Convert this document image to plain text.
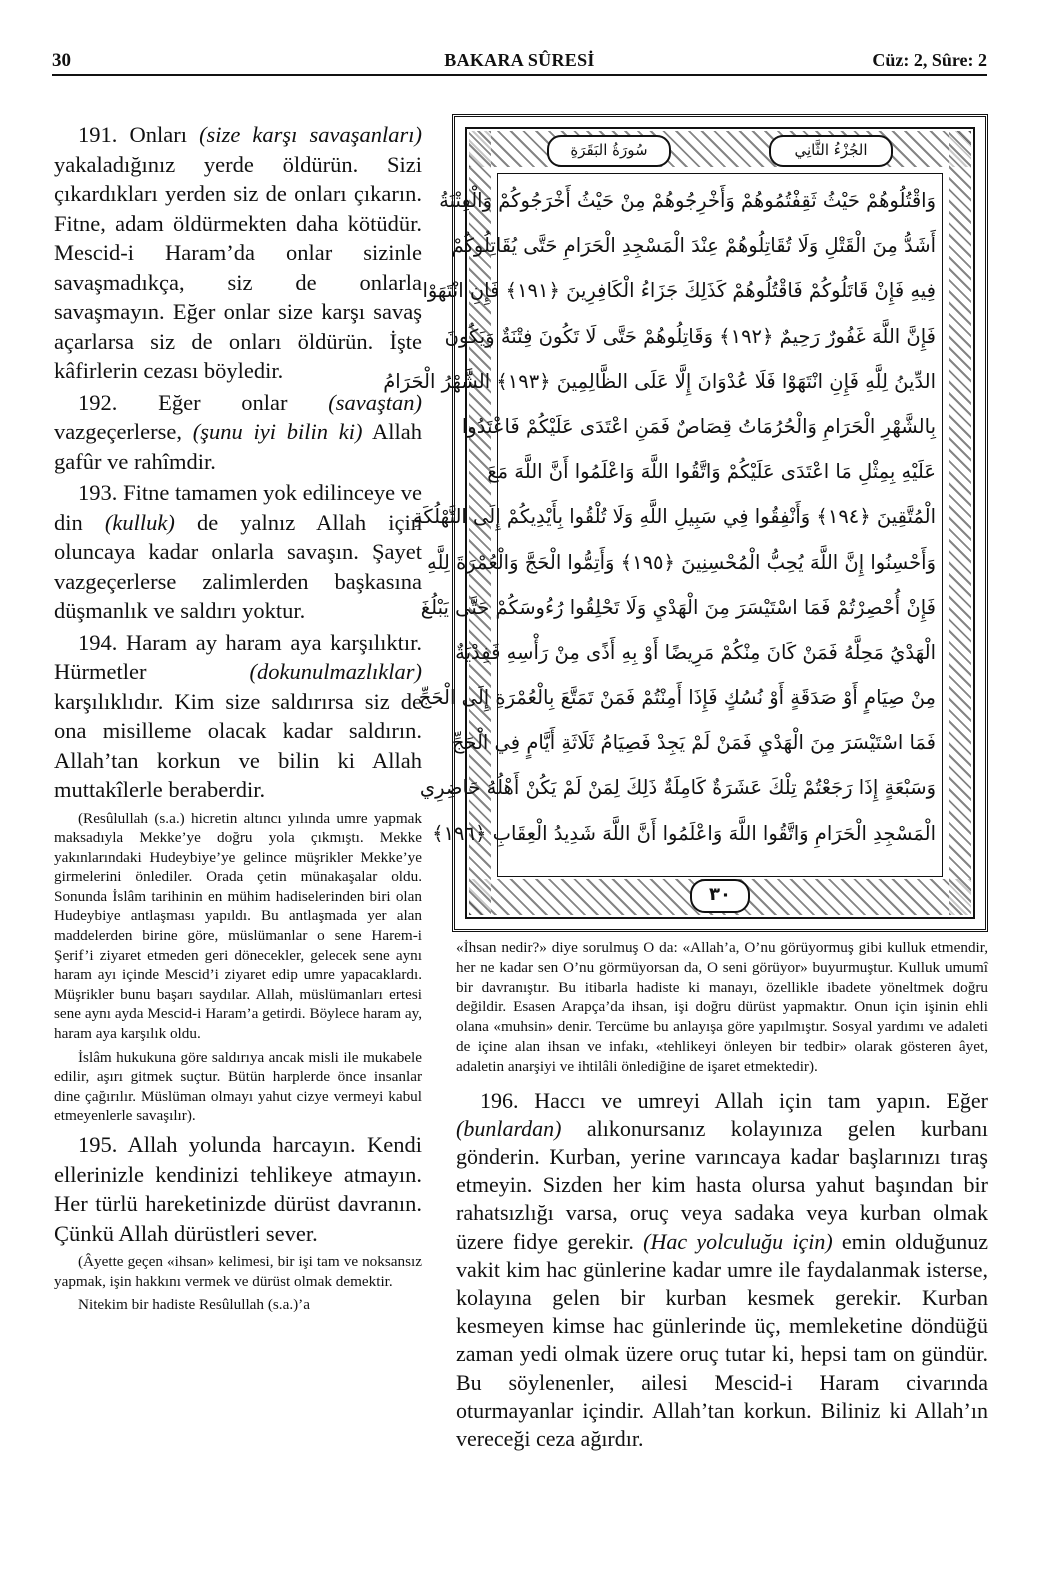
30	BAKARA SÛRESİ	Cüz: 2, Sûre: 2

191. Onları (size karşı savaşanları) yakaladığınız yerde öldürün. Sizi çıkardıkları yerden siz de onları çıkarın. Fitne, adam öldürmekten daha kötüdür. Mescid-i Haram’da onlar sizinle savaşmadıkça, siz de onlarla savaşmayın. Eğer onlar size karşı savaş açarlarsa siz de onları öldürün. İşte kâfirlerin cezası böyledir.

192. Eğer onlar (savaştan) vazgeçerlerse, (şunu iyi bilin ki) Allah gafûr ve rahîmdir.

193. Fitne tamamen yok edilinceye ve din (kulluk) de yalnız Allah için oluncaya kadar onlarla savaşın. Şayet vazgeçerlerse zalimlerden başkasına düşmanlık ve saldırı yoktur.

194. Haram ay haram aya karşılıktır. Hürmetler (dokunulmazlıklar) karşılıklıdır. Kim size saldırırsa siz de ona misilleme olacak kadar saldırın. Allah’tan korkun ve bilin ki Allah muttakîlerle beraberdir.

(Resûlullah (s.a.) hicretin altıncı yılında umre yapmak maksadıyla Mekke’ye doğru yola çıkmıştı. Mekke yakınlarındaki Hudeybiye’ye gelince müşrikler Mekke’ye girmelerini önlediler. Orada çetin münakaşalar oldu. Sonunda İslâm tarihinin en mühim hadiselerinden biri olan Hudeybiye antlaşması yapıldı. Bu antlaşmada yer alan maddelerden birine göre, müslümanlar o sene Harem-i Şerif’i ziyaret etmeden geri dönecekler, gelecek sene aynı haram ayı içinde Mescid’i ziyaret edip umre yapacaklardı. Müşrikler bunu başarı saydılar. Allah, müslümanları ertesi sene aynı ayda Mescid-i Haram’a getirdi. Böylece haram ay, haram aya karşılık oldu.

İslâm hukukuna göre saldırıya ancak misli ile mukabele edilir, aşırı gitmek suçtur. Bütün harplerde önce insanlar dine çağırılır. Müslüman olmayı yahut cizye vermeyi kabul etmeyenlerle savaşılır).

195. Allah yolunda harcayın. Kendi ellerinizle kendinizi tehlikeye atmayın. Her türlü hareketinizde dürüst davranın. Çünkü Allah dürüstleri sever.

(Âyette geçen «ihsan» kelimesi, bir işi tam ve noksansız yapmak, işin hakkını vermek ve dürüst olmak demektir.

Nitekim bir hadiste Resûlullah (s.a.)’a

سُورَةُ البَقَرَةِ	الجُزْءُ الثَّانِي
وَاقْتُلُوهُمْ حَيْثُ ثَقِفْتُمُوهُمْ وَأَخْرِجُوهُمْ مِنْ حَيْثُ أَخْرَجُوكُمْ وَالْفِتْنَةُ
أَشَدُّ مِنَ الْقَتْلِ وَلَا تُقَاتِلُوهُمْ عِنْدَ الْمَسْجِدِ الْحَرَامِ حَتَّى يُقَاتِلُوكُمْ
فِيهِ فَإِنْ قَاتَلُوكُمْ فَاقْتُلُوهُمْ كَذَلِكَ جَزَاءُ الْكَافِرِينَ ﴿١٩١﴾ فَإِنِ انْتَهَوْا
فَإِنَّ اللَّهَ غَفُورٌ رَحِيمٌ ﴿١٩٢﴾ وَقَاتِلُوهُمْ حَتَّى لَا تَكُونَ فِتْنَةٌ وَيَكُونَ
الدِّينُ لِلَّهِ فَإِنِ انْتَهَوْا فَلَا عُدْوَانَ إِلَّا عَلَى الظَّالِمِينَ ﴿١٩٣﴾ الشَّهْرُ الْحَرَامُ
بِالشَّهْرِ الْحَرَامِ وَالْحُرُمَاتُ قِصَاصٌ فَمَنِ اعْتَدَى عَلَيْكُمْ فَاعْتَدُوا
عَلَيْهِ بِمِثْلِ مَا اعْتَدَى عَلَيْكُمْ وَاتَّقُوا اللَّهَ وَاعْلَمُوا أَنَّ اللَّهَ مَعَ
الْمُتَّقِينَ ﴿١٩٤﴾ وَأَنْفِقُوا فِي سَبِيلِ اللَّهِ وَلَا تُلْقُوا بِأَيْدِيكُمْ إِلَى التَّهْلُكَةِ
وَأَحْسِنُوا إِنَّ اللَّهَ يُحِبُّ الْمُحْسِنِينَ ﴿١٩٥﴾ وَأَتِمُّوا الْحَجَّ وَالْعُمْرَةَ لِلَّهِ
فَإِنْ أُحْصِرْتُمْ فَمَا اسْتَيْسَرَ مِنَ الْهَدْيِ وَلَا تَحْلِقُوا رُءُوسَكُمْ حَتَّى يَبْلُغَ
الْهَدْيُ مَحِلَّهُ فَمَنْ كَانَ مِنْكُمْ مَرِيضًا أَوْ بِهِ أَذًى مِنْ رَأْسِهِ فَفِدْيَةٌ
مِنْ صِيَامٍ أَوْ صَدَقَةٍ أَوْ نُسُكٍ فَإِذَا أَمِنْتُمْ فَمَنْ تَمَتَّعَ بِالْعُمْرَةِ إِلَى الْحَجِّ
فَمَا اسْتَيْسَرَ مِنَ الْهَدْيِ فَمَنْ لَمْ يَجِدْ فَصِيَامُ ثَلَاثَةِ أَيَّامٍ فِي الْحَجِّ
وَسَبْعَةٍ إِذَا رَجَعْتُمْ تِلْكَ عَشَرَةٌ كَامِلَةٌ ذَلِكَ لِمَنْ لَمْ يَكُنْ أَهْلُهُ حَاضِرِي
الْمَسْجِدِ الْحَرَامِ وَاتَّقُوا اللَّهَ وَاعْلَمُوا أَنَّ اللَّهَ شَدِيدُ الْعِقَابِ ﴿١٩٦﴾
٣٠

«İhsan nedir?» diye sorulmuş O da: «Allah’a, O’nu görüyormuş gibi kulluk etmendir, her ne kadar sen O’nu görmüyorsan da, O seni görüyor» buyurmuştur. Kulluk umumî bir davranıştır. Bu itibarla hadiste ki manayı, özellikle ibadete yöneltmek doğru değildir. Esasen Arapça’da ihsan, işi doğru dürüst yapmaktır. Onun için işinin ehli olana «muhsin» denir. Tercüme bu anlayışa göre yapılmıştır. Sosyal yardımı ve adaleti de içine alan ihsan ve infakı, «tehlikeyi önleyen bir tedbir» olarak gösteren âyet, adaletin anarşiyi ve ihtilâli önlediğine de işaret etmektedir).

196. Haccı ve umreyi Allah için tam yapın. Eğer (bunlardan) alıkonursanız kolayınıza gelen kurbanı gönderin. Kurban, yerine varıncaya kadar başlarınızı tıraş etmeyin. Sizden her kim hasta olursa yahut başından bir rahatsızlığı varsa, oruç veya sadaka veya kurban olmak üzere fidye gerekir. (Hac yolculuğu için) emin olduğunuz vakit kim hac günlerine kadar umre ile faydalanmak isterse, kolayına gelen bir kurban kesmek gerekir. Kurban kesmeyen kimse hac günlerinde üç, memleketine döndüğü zaman yedi olmak üzere oruç tutar ki, hepsi tam on gündür. Bu söylenenler, ailesi Mescid-i Haram civarında oturmayanlar içindir. Allah’tan korkun. Biliniz ki Allah’ın vereceği ceza ağırdır.
